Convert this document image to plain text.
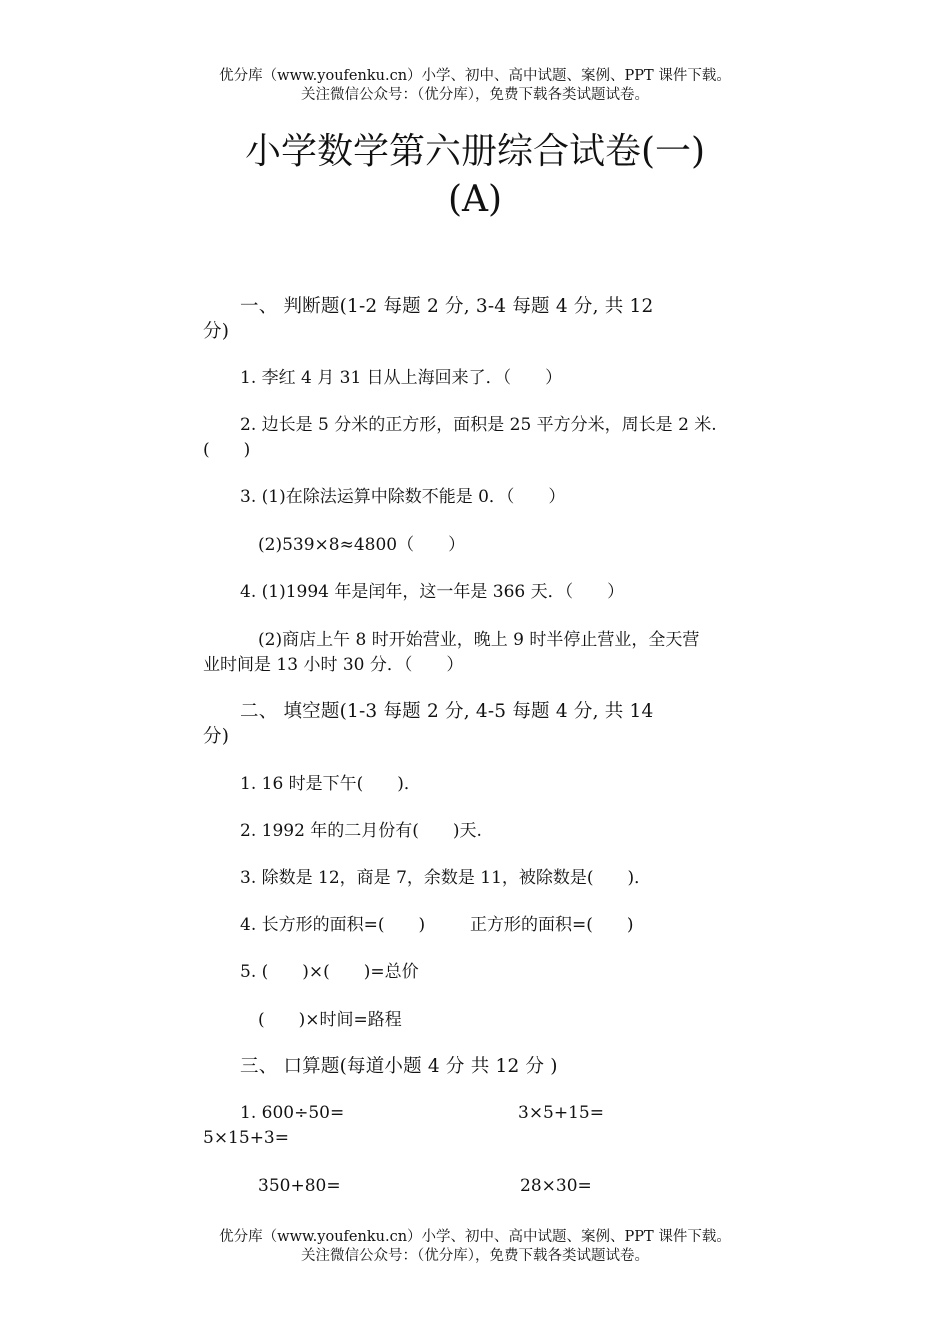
优分库（www.youfenku.cn）小学、初中、高中试题、案例、PPT 课件下载。
关注微信公众号：（优分库），免费下载各类试题试卷。
小学数学第六册综合试卷(一)
(A)
一、 判断题(1-2 每题 2 分, 3-4 每题 4 分, 共 12
分)
1. 李红 4 月 31 日从上海回来了．（　　）
2. 边长是 5 分米的正方形，面积是 25 平方分米，周长是 2 米.
(　　)
3. (1)在除法运算中除数不能是 0．（　　）
(2)539×8≈4800（　　）
4. (1)1994 年是闰年，这一年是 366 天．（　　）
(2)商店上午 8 时开始营业，晚上 9 时半停止营业，全天营
业时间是 13 小时 30 分．（　　）
二、 填空题(1-3 每题 2 分, 4-5 每题 4 分, 共 14
分)
1. 16 时是下午(　　)．
2. 1992 年的二月份有(　　)天.
3. 除数是 12，商是 7，余数是 11，被除数是(　　)．
4. 长方形的面积=(　　)	正方形的面积=(　　)
5. (　　)×(　　)=总价
(　　)×时间=路程
三、 口算题(每道小题 4 分 共 12 分 )
1. 600÷50=	3×5+15=
5×15+3=
350+80=	28×30=
优分库（www.youfenku.cn）小学、初中、高中试题、案例、PPT 课件下载。
关注微信公众号：（优分库），免费下载各类试题试卷。
